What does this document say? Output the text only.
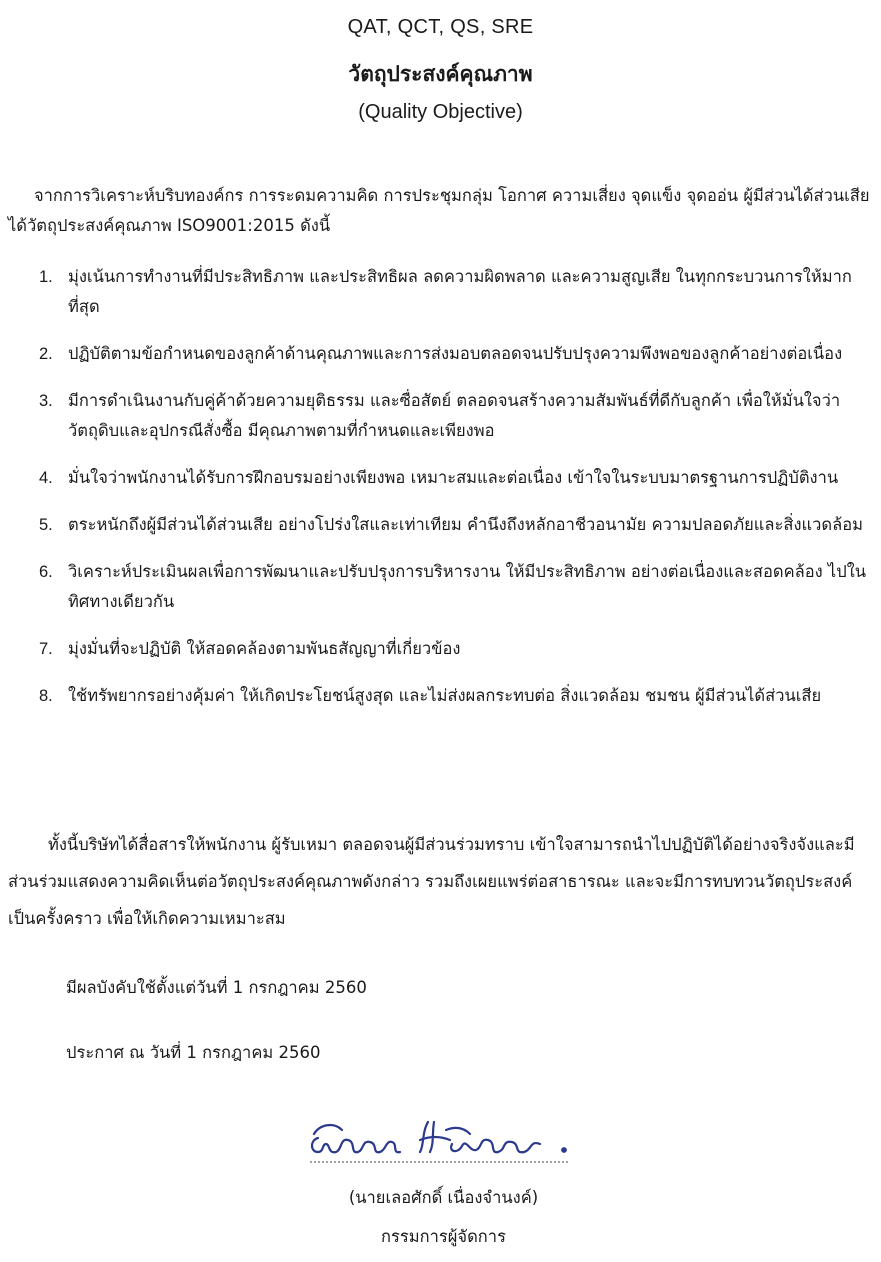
QAT, QCT, QS, SRE
วัตถุประสงค์คุณภาพ
(Quality Objective)

จากการวิเคราะห์บริบทองค์กร การระดมความคิด การประชุมกลุ่ม โอกาศ ความเสี่ยง จุดแข็ง จุดออ่น ผู้มีส่วนได้ส่วนเสีย ได้วัตถุประสงค์คุณภาพ ISO9001:2015 ดังนี้

1. มุ่งเน้นการทำงานที่มีประสิทธิภาพ และประสิทธิผล ลดความผิดพลาด และความสูญเสีย ในทุกกระบวนการให้มากที่สุด
2. ปฏิบัติตามข้อกำหนดของลูกค้าด้านคุณภาพและการส่งมอบตลอดจนปรับปรุงความพึงพอของลูกค้าอย่างต่อเนื่อง
3. มีการดำเนินงานกับคู่ค้าด้วยความยุติธรรม และซื่อสัตย์ ตลอดจนสร้างความสัมพันธ์ที่ดีกับลูกค้า เพื่อให้มั่นใจว่า วัตถุดิบและอุปกรณีสั่งซื้อ มีคุณภาพตามที่กำหนดและเพียงพอ
4. มั่นใจว่าพนักงานได้รับการฝึกอบรมอย่างเพียงพอ เหมาะสมและต่อเนื่อง เข้าใจในระบบมาตรฐานการปฏิบัติงาน
5. ตระหนักถึงผู้มีส่วนได้ส่วนเสีย อย่างโปร่งใสและเท่าเทียม คำนึงถึงหลักอาชีวอนามัย ความปลอดภัยและสิ่งแวดล้อม
6. วิเคราะห์ประเมินผลเพื่อการพัฒนาและปรับปรุงการบริหารงาน ให้มีประสิทธิภาพ อย่างต่อเนื่องและสอดคล้อง ไปในทิศทางเดียวกัน
7. มุ่งมั่นที่จะปฏิบัติ ให้สอดคล้องตามพันธสัญญาที่เกี่ยวข้อง
8. ใช้ทรัพยากรอย่างคุ้มค่า ให้เกิดประโยชน์สูงสุด และไม่ส่งผลกระทบต่อ สิ่งแวดล้อม ชมชน ผู้มีส่วนได้ส่วนเสีย

ทั้งนี้บริษัทได้สื่อสารให้พนักงาน ผู้รับเหมา ตลอดจนผู้มีส่วนร่วมทราบ เข้าใจสามารถนำไปปฏิบัติได้อย่างจริงจังและมีส่วนร่วมแสดงความคิดเห็นต่อวัตถุประสงค์คุณภาพดังกล่าว รวมถึงเผยแพร่ต่อสาธารณะ และจะมีการทบทวนวัตถุประสงค์เป็นครั้งคราว เพื่อให้เกิดความเหมาะสม

มีผลบังคับใช้ตั้งแต่วันที่ 1 กรกฎาคม 2560

ประกาศ ณ วันที่ 1 กรกฎาคม 2560

(นายเลอศักดิ์ เนื่องจำนงค์)
กรรมการผู้จัดการ
